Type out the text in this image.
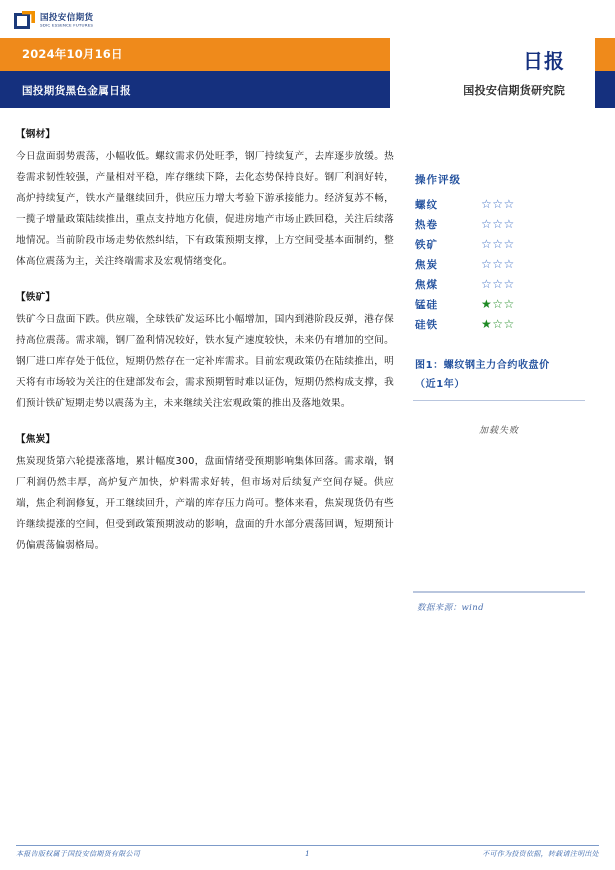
国投安信期货
SDIC ESSENCE FUTURES
2024年10月16日
国投期货黑色金属日报
日报
国投安信期货研究院

【钢材】

今日盘面弱势震荡，小幅收低。螺纹需求仍处旺季，钢厂持续复产，去库逐步放缓。热卷需求韧性较强，产量相对平稳，库存继续下降，去化态势保持良好。钢厂利润好转，高炉持续复产，铁水产量继续回升，供应压力增大考验下游承接能力。经济复苏不畅，一揽子增量政策陆续推出，重点支持地方化债，促进房地产市场止跌回稳，关注后续落地情况。当前阶段市场走势依然纠结，下有政策预期支撑，上方空间受基本面制约，整体高位震荡为主，关注终端需求及宏观情绪变化。

【铁矿】

铁矿今日盘面下跌。供应端，全球铁矿发运环比小幅增加，国内到港阶段反弹，港存保持高位震荡。需求端，钢厂盈利情况较好，铁水复产速度较快，未来仍有增加的空间。钢厂进口库存处于低位，短期仍然存在一定补库需求。目前宏观政策仍在陆续推出，明天将有市场较为关注的住建部发布会，需求预期暂时难以证伪，短期仍然构成支撑，我们预计铁矿短期走势以震荡为主，未来继续关注宏观政策的推出及落地效果。

【焦炭】

焦炭现货第六轮提涨落地，累计幅度300，盘面情绪受预期影响集体回落。需求端，钢厂利润仍然丰厚，高炉复产加快，炉料需求好转，但市场对后续复产空间存疑。供应端，焦企利润修复，开工继续回升，产端的库存压力尚可。整体来看，焦炭现货仍有些许继续提涨的空间，但受到政策预期波动的影响，盘面的升水部分震荡回调，短期预计仍偏震荡偏弱格局。

操作评级
螺纹	☆☆☆
热卷	☆☆☆
铁矿	☆☆☆
焦炭	☆☆☆
焦煤	☆☆☆
锰硅	★☆☆
硅铁	★☆☆
图1：螺纹钢主力合约收盘价
（近1年）
加载失败
数据来源：wind
本报告版权属于国投安信期货有限公司	1	不可作为投资依据，转载请注明出处
